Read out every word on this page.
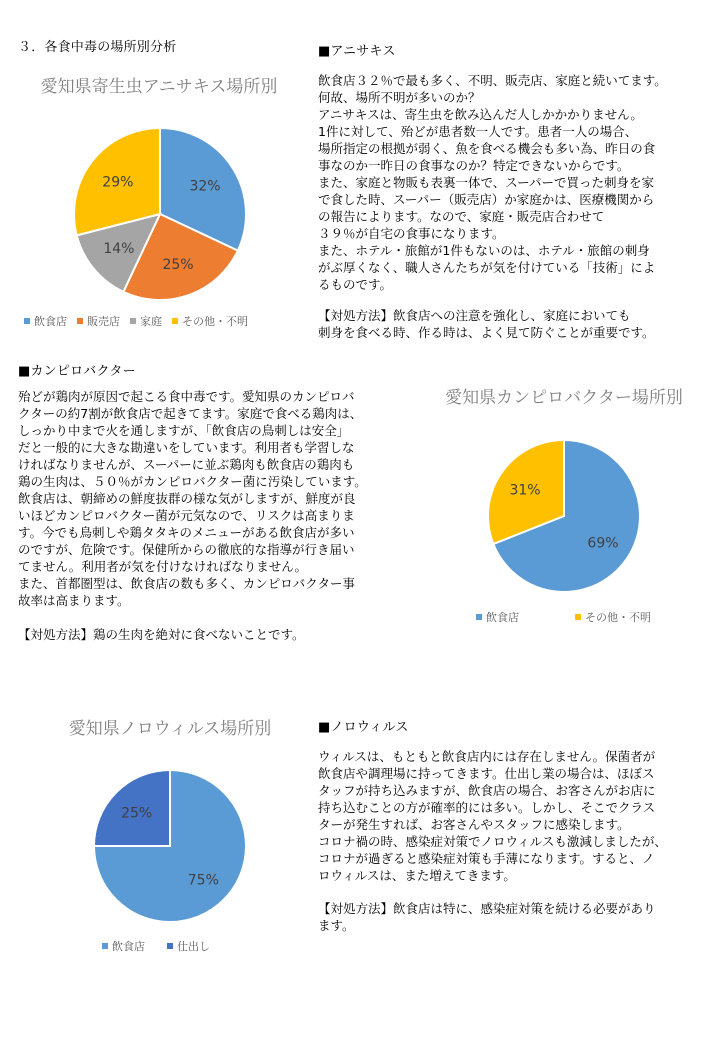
３．各食中毒の場所別分析
愛知県寄生虫アニサキス場所別
32%
25%
14%
29%
飲食店 販売店 家庭 その他・不明
■アニサキス

飲食店３２％で最も多く、不明、販売店、家庭と続いてます。
何故、場所不明が多いのか？
アニサキスは、寄生虫を飲み込んだ人しかかかりません。
1件に対して、殆どが患者数一人です。患者一人の場合、
場所指定の根拠が弱く、魚を食べる機会も多い為、昨日の食
事なのか一昨日の食事なのか？特定できないからです。
また、家庭と物販も表裏一体で、スーパーで買った刺身を家
で食した時、スーパー（販売店）か家庭かは、医療機関から
の報告によります。なので、家庭・販売店合わせて
３９％が自宅の食事になります。
また、ホテル・旅館が1件もないのは、ホテル・旅館の刺身
がぶ厚くなく、職人さんたちが気を付けている「技術」によ
るものです。

【対処方法】飲食店への注意を強化し、家庭においても
刺身を食べる時、作る時は、よく見て防ぐことが重要です。

■カンピロバクター

殆どが鶏肉が原因で起こる食中毒です。愛知県のカンピロバ
クターの約7割が飲食店で起きてます。家庭で食べる鶏肉は、
しっかり中まで火を通しますが、「飲食店の鳥刺しは安全」
だと一般的に大きな勘違いをしています。利用者も学習しな
ければなりませんが、スーパーに並ぶ鶏肉も飲食店の鶏肉も
鶏の生肉は、５０％がカンピロバクター菌に汚染しています。
飲食店は、朝締めの鮮度抜群の様な気がしますが、鮮度が良
いほどカンピロバクター菌が元気なので、リスクは高まりま
す。今でも鳥刺しや鶏タタキのメニューがある飲食店が多い
のですが、危険です。保健所からの徹底的な指導が行き届い
てません。利用者が気を付けなければなりません。
また、首都圏型は、飲食店の数も多く、カンピロバクター事
故率は高まります。

【対処方法】鶏の生肉を絶対に食べないことです。

愛知県カンピロバクター場所別
69%
31%
飲食店	その他・不明
愛知県ノロウィルス場所別
75%
25%
飲食店	仕出し
■ノロウィルス

ウィルスは、もともと飲食店内には存在しません。保菌者が
飲食店や調理場に持ってきます。仕出し業の場合は、ほぼス
タッフが持ち込みますが、飲食店の場合、お客さんがお店に
持ち込むことの方が確率的には多い。しかし、そこでクラス
ターが発生すれば、お客さんやスタッフに感染します。
コロナ禍の時、感染症対策でノロウィルスも激減しましたが、
コロナが過ぎると感染症対策も手薄になります。すると、ノ
ロウィルスは、また増えてきます。

【対処方法】飲食店は特に、感染症対策を続ける必要があり
ます。
